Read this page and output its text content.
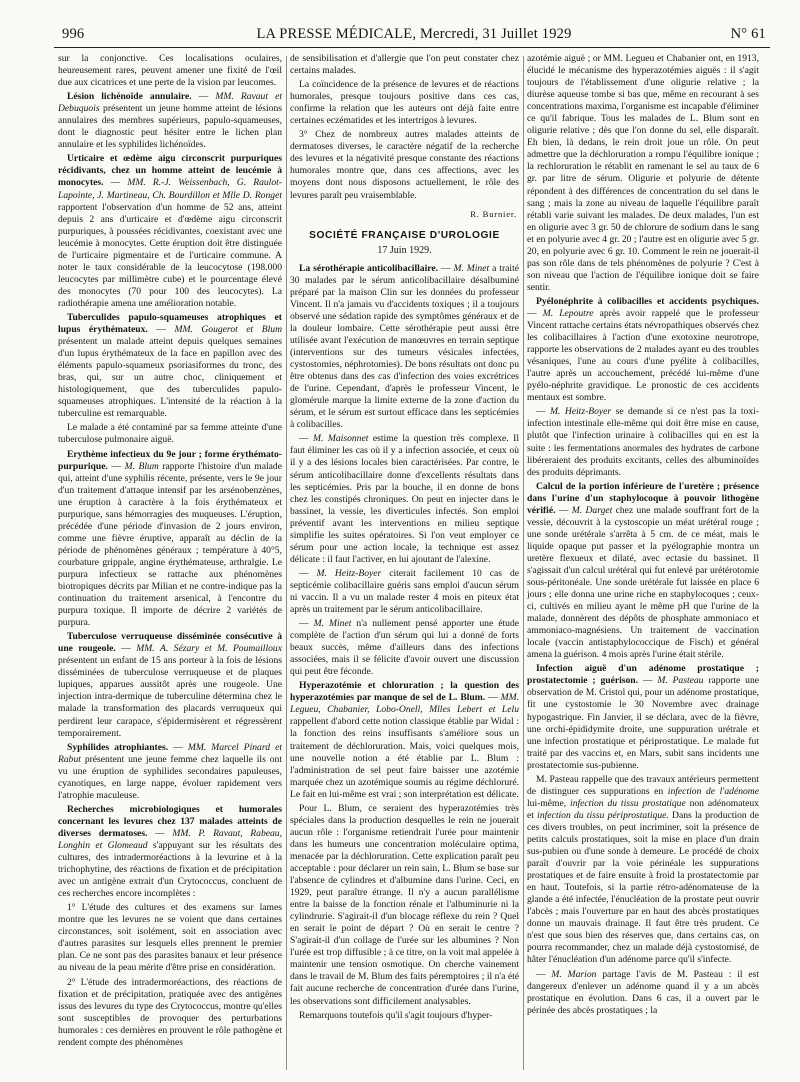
996	LA PRESSE MÉDICALE, Mercredi, 31 Juillet 1929	N° 61

sur la conjonctive. Ces localisations oculaires, heureusement rares, peuvent amener une fixité de l'œil due aux cicatrices et une perte de la vision par leucomes.

Lésion lichénoïde annulaire. — MM. Ravaut et Debuquois présentent un jeune homme atteint de lésions annulaires des membres supérieurs, papulo-squameuses, dont le diagnostic peut hésiter entre le lichen plan annulaire et les syphilides lichénoïdes.

Urticaire et œdème aigu circonscrit purpuriques récidivants, chez un homme atteint de leucémie à monocytes. — MM. R.-J. Weissenbach, G. Raulot-Lapointe, J. Martineau, Ch. Bourdillon et Mlle D. Ronget rapportent l'observation d'un homme de 52 ans, atteint depuis 2 ans d'urticaire et d'œdème aigu circonscrit purpuriques, à poussées récidivantes, coexistant avec une leucémie à monocytes. Cette éruption doit être distinguée de l'urticaire pigmentaire et de l'urticaire commune. A noter le taux considérable de la leucocytose (198.000 leucocytes par millimètre cube) et le pourcentage élevé des monocytes (70 pour 100 des leucocytes). La radiothérapie amena une amélioration notable.

Tuberculides papulo-squameuses atrophiques et lupus érythémateux. — MM. Gougerot et Blum présentent un malade atteint depuis quelques semaines d'un lupus érythémateux de la face en papillon avec des éléments papulo-squameux psoriasiformes du tronc, des bras, qui, sur un autre choc, cliniquement et histologiquement, que des tuberculides papulo-squameuses atrophiques. L'intensité de la réaction à la tuberculine est remarquable.

Le malade a été contaminé par sa femme atteinte d'une tuberculose pulmonaire aiguë.

Erythème infectieux du 9e jour ; forme érythémato-purpurique. — M. Blum rapporte l'histoire d'un malade qui, atteint d'une syphilis récente, présente, vers le 9e jour d'un traitement d'attaque intensif par les arsénobenzènes, une éruption à caractère à la fois érythémateux et purpurique, sans hémorragies des muqueuses. L'éruption, précédée d'une période d'invasion de 2 jours environ, comme une fièvre éruptive, apparaît au déclin de la période de phénomènes généraux ; température à 40°5, courbature grippale, angine érythémateuse, arthralgie. Le purpura infectieux se rattache aux phénomènes biotropiques décrits par Milian et ne contre-indique pas la continuation du traitement arsenical, à l'encontre du purpura toxique. Il importe de décrire 2 variétés de purpura.

Tuberculose verruqueuse disséminée consécutive à une rougeole. — MM. A. Sézary et M. Poumailloux présentent un enfant de 15 ans porteur à la fois de lésions disséminées de tuberculose verruqueuse et de plaques lupiques, apparues aussitôt après une rougeole. Une injection intra-dermique de tuberculine détermina chez le malade la transformation des placards verruqueux qui perdirent leur carapace, s'épidermisèrent et régressèrent temporairement.

Syphilides atrophiantes. — MM. Marcel Pinard et Rabut présentent une jeune femme chez laquelle ils ont vu une éruption de syphilides secondaires papuleuses, cyanotiques, en large nappe, évoluer rapidement vers l'atrophie maculeuse.

Recherches microbiologiques et humorales concernant les levures chez 137 malades atteints de diverses dermatoses. — MM. P. Ravaut, Rabeau, Longhin et Glomeaud s'appuyant sur les résultats des cultures, des intradermoréactions à la levurine et à la trichophytine, des réactions de fixation et de précipitation avec un antigène extrait d'un Crytococcus, concluent de ces recherches encore incomplètes :

1° L'étude des cultures et des examens sur lames montre que les levures ne se voient que dans certaines circonstances, soit isolément, soit en association avec d'autres parasites sur lesquels elles prennent le premier plan. Ce ne sont pas des parasites banaux et leur présence au niveau de la peau mérite d'être prise en considération.

2° L'étude des intradermoréactions, des réactions de fixation et de précipitation, pratiquée avec des antigènes issus des levures du type des Crytococcus, montre qu'elles sont susceptibles de provoquer des perturbations humorales : ces dernières en prouvent le rôle pathogène et rendent compte des phénomènes

de sensibilisation et d'allergie que l'on peut constater chez certains malades.

La coïncidence de la présence de levures et de réactions humorales, presque toujours positive dans ces cas, confirme la relation que les auteurs ont déjà faite entre certaines eczématides et les intertrigos à levures.

3° Chez de nombreux autres malades atteints de dermatoses diverses, le caractère négatif de la recherche des levures et la négativité presque constante des réactions humorales montre que, dans ces affections, avec les moyens dont nous disposons actuellement, le rôle des levures paraît peu vraisemblable.

R. Burnier.
SOCIÉTÉ FRANÇAISE D'UROLOGIE
17 Juin 1929.

La sérothérapie anticolibacillaire. — M. Minet a traité 30 malades par le sérum anticolibacillaire désalbuminé préparé par la maison Clin sur les données du professeur Vincent. Il n'a jamais vu d'accidents toxiques ; il a toujours observé une sédation rapide des symptômes généraux et de la douleur lombaire. Cette sérothérapie peut aussi être utilisée avant l'exécution de manœuvres en terrain septique (interventions sur des tumeurs vésicales infectées, cystostomies, néphrotomies). De bons résultats ont donc pu être obtenus dans des cas d'infection des voies excrétrices de l'urine. Cependant, d'après le professeur Vincent, le glomérule marque la limite externe de la zone d'action du sérum, et le sérum est surtout efficace dans les septicémies à colibacilles.

— M. Maisonnet estime la question très complexe. Il faut éliminer les cas où il y a infection associée, et ceux où il y a des lésions locales bien caractérisées. Par contre, le sérum anticolibacillaire donne d'excellents résultats dans les septicémies. Pris par la bouche, il en donne de bons chez les constipés chroniques. On peut en injecter dans le bassinet, la vessie, les diverticules infectés. Son emploi préventif avant les interventions en milieu septique simplifie les suites opératoires. Si l'on veut employer ce sérum pour une action locale, la technique est assez délicate : il faut l'activer, en lui ajoutant de l'alexine.

— M. Heitz-Boyer citerait facilement 10 cas de septicémie colibacillaire guéris sans emploi d'aucun sérum ni vaccin. Il a vu un malade rester 4 mois en piteux état après un traitement par le sérum anticolibacillaire.

— M. Minet n'a nullement pensé apporter une étude complète de l'action d'un sérum qui lui a donné de forts beaux succès, même d'ailleurs dans des infections associées, mais il se félicite d'avoir ouvert une discussion qui peut être féconde.

Hyperazotémie et chloruration ; la question des hyperazotémies par manque de sel de L. Blum. — MM. Legueu, Chabanier, Lobo-Onell, Mlles Lebert et Lelu rappellent d'abord cette notion classique établie par Widal : la fonction des reins insuffisants s'améliore sous un traitement de déchloruration. Mais, voici quelques mois, une nouvelle notion a été établie par L. Blum : l'administration de sel peut faire baisser une azotémie marquée chez un azotémique soumis au régime déchloruré. Le fait en lui-même est vrai ; son interprétation est délicate.

Pour L. Blum, ce seraient des hyperazotémies très spéciales dans la production desquelles le rein ne jouerait aucun rôle : l'organisme retiendrait l'urée pour maintenir dans les humeurs une concentration moléculaire optima, menacée par la déchloruration. Cette explication paraît peu acceptable : pour déclarer un rein sain, L. Blum se base sur l'absence de cylindres et d'albumine dans l'urine. Ceci, en 1929, peut paraître étrange. Il n'y a aucun parallélisme entre la baisse de la fonction rénale et l'albuminurie ni la cylindrurie. S'agirait-il d'un blocage réflexe du rein ? Quel en serait le point de départ ? Où en serait le centre ? S'agirait-il d'un collage de l'urée sur les albumines ? Non l'urée est trop diffusible ; à ce titre, on la voit mal appelée à maintenir une tension osmotique. On cherche vainement dans le travail de M. Blum des faits péremptoires ; il n'a été fait aucune recherche de concentration d'urée dans l'urine, les observations sont difficilement analysables.

Remarquons toutefois qu'il s'agit toujours d'hyper-

azotémie aiguë ; or MM. Legueu et Chabanier ont, en 1913, élucidé le mécanisme des hyperazotémies aiguës : il s'agit toujours de l'établissement d'une oligurie relative ; la diurèse aqueuse tombe si bas que, même en recourant à ses concentrations maxima, l'organisme est incapable d'éliminer ce qu'il fabrique. Tous les malades de L. Blum sont en oligurie relative ; dès que l'on donne du sel, elle disparaît. Eh bien, là dedans, le rein droit joue un rôle. On peut admettre que la déchloruration a rompu l'équilibre ionique ; la rechloruration le rétablit en ramenant le sel au taux de 6 gr. par litre de sérum. Oligurie et polyurie de détente répondent à des différences de concentration du sel dans le sang ; mais la zone au niveau de laquelle l'équilibre paraît rétabli varie suivant les malades. De deux malades, l'un est en oligurie avec 3 gr. 50 de chlorure de sodium dans le sang et en polyurie avec 4 gr. 20 ; l'autre est en oligurie avec 5 gr. 20, en polyurie avec 6 gr. 10. Comment le rein ne jouerait-il pas son rôle dans de tels phénomènes de polyurie ? C'est à son niveau que l'action de l'équilibre ionique doit se faire sentir.

Pyélonéphrite à colibacilles et accidents psychiques. — M. Lepoutre après avoir rappelé que le professeur Vincent rattache certains états névropathiques observés chez les colibacillaires à l'action d'une exotoxine neurotrope, rapporte les observations de 2 malades ayant eu des troubles vésaniques, l'une au cours d'une pyélite à colibacilles, l'autre après un accouchement, précédé lui-même d'une pyélo-néphrite gravidique. Le pronostic de ces accidents mentaux est sombre.

— M. Heitz-Boyer se demande si ce n'est pas la toxi-infection intestinale elle-même qui doit être mise en cause, plutôt que l'infection urinaire à colibacilles qui en est la suite : les fermentations anormales des hydrates de carbone libéreraient des produits excitants, celles des albuminoïdes des produits déprimants.

Calcul de la portion inférieure de l'uretère ; présence dans l'urine d'un staphylocoque à pouvoir lithogène vérifié. — M. Darget chez une malade souffrant fort de la vessie, découvrit à la cystoscopie un méat urétéral rouge ; une sonde urétérale s'arrêta à 5 cm. de ce méat, mais le liquide opaque put passer et la pyélographie montra un uretère flexueux et dilaté, avec ectasie du bassinet. Il s'agissait d'un calcul urétéral qui fut enlevé par urétérotomie sous-péritonéale. Une sonde urétérale fut laissée en place 6 jours ; elle donna une urine riche en staphylocoques ; ceux-ci, cultivés en milieu ayant le même pH que l'urine de la malade, donnèrent des dépôts de phosphate ammoniaco et ammoniaco-magnésiens. Un traitement de vaccination locale (vaccin antistaphylococcique de Fisch) et général amena la guérison. 4 mois après l'urine était stérile.

Infection aiguë d'un adénome prostatique ; prostatectomie ; guérison. — M. Pasteau rapporte une observation de M. Cristol qui, pour un adénome prostatique, fit une cystostomie le 30 Novembre avec drainage hypogastrique. Fin Janvier, il se déclara, avec de la fièvre, une orchi-épididymite droite, une suppuration urétrale et une infection prostatique et périprostatique. Le malade fut traité par des vaccins et, en Mars, subit sans incidents une prostatectomie sus-pubienne.

M. Pasteau rappelle que des travaux antérieurs permettent de distinguer ces suppurations en infection de l'adénome lui-même, infection du tissu prostatique non adénomateux et infection du tissu périprostatique. Dans la production de ces divers troubles, on peut incriminer, soit la présence de petits calculs prostatiques, soit la mise en place d'un drain sus-pubien ou d'une sonde à demeure. Le procédé de choix paraît d'ouvrir par la voie périnéale les suppurations prostatiques et de faire ensuite à froid la prostatectomie par en haut. Toutefois, si la partie rétro-adénomateuse de la glande a été infectée, l'énucléation de la prostate peut ouvrir l'abcès ; mais l'ouverture par en haut des abcès prostatiques donne un mauvais drainage. Il faut être très prudent. Ce n'est que sous bien des réserves que, dans certains cas, on pourra recommander, chez un malade déjà cystostomisé, de hâter l'énucléation d'un adénome parce qu'il s'infecte.

— M. Marion partage l'avis de M. Pasteau : il est dangereux d'enlever un adénome quand il y a un abcès prostatique en évolution. Dans 6 cas, il a ouvert par le périnée des abcès prostatiques ; la
